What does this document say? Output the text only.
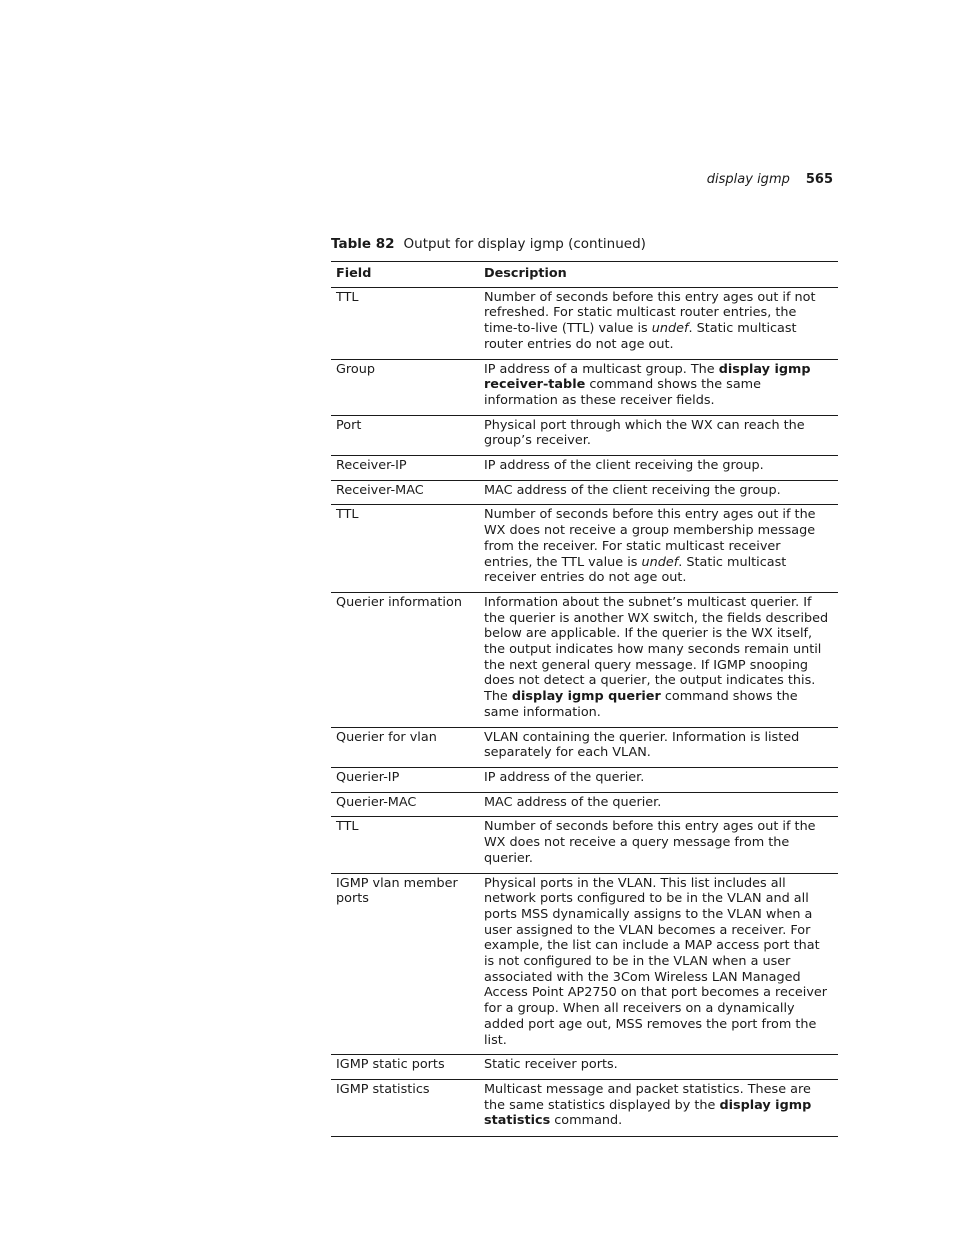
display igmp 565
Table 82 Output for display igmp (continued)
Field	Description
TTL	Number of seconds before this entry ages out if not refreshed. For static multicast router entries, the time-to-live (TTL) value is undef. Static multicast router entries do not age out.
Group	IP address of a multicast group. The display igmp receiver-table command shows the same information as these receiver fields.
Port	Physical port through which the WX can reach the group’s receiver.
Receiver-IP	IP address of the client receiving the group.
Receiver-MAC	MAC address of the client receiving the group.
TTL	Number of seconds before this entry ages out if the WX does not receive a group membership message from the receiver. For static multicast receiver entries, the TTL value is undef. Static multicast receiver entries do not age out.
Querier information	Information about the subnet’s multicast querier. If the querier is another WX switch, the fields described below are applicable. If the querier is the WX itself, the output indicates how many seconds remain until the next general query message. If IGMP snooping does not detect a querier, the output indicates this. The display igmp querier command shows the same information.
Querier for vlan	VLAN containing the querier. Information is listed separately for each VLAN.
Querier-IP	IP address of the querier.
Querier-MAC	MAC address of the querier.
TTL	Number of seconds before this entry ages out if the WX does not receive a query message from the querier.
IGMP vlan member ports	Physical ports in the VLAN. This list includes all network ports configured to be in the VLAN and all ports MSS dynamically assigns to the VLAN when a user assigned to the VLAN becomes a receiver. For example, the list can include a MAP access port that is not configured to be in the VLAN when a user associated with the 3Com Wireless LAN Managed Access Point AP2750 on that port becomes a receiver for a group. When all receivers on a dynamically added port age out, MSS removes the port from the list.
IGMP static ports	Static receiver ports.
IGMP statistics	Multicast message and packet statistics. These are the same statistics displayed by the display igmp statistics command.
